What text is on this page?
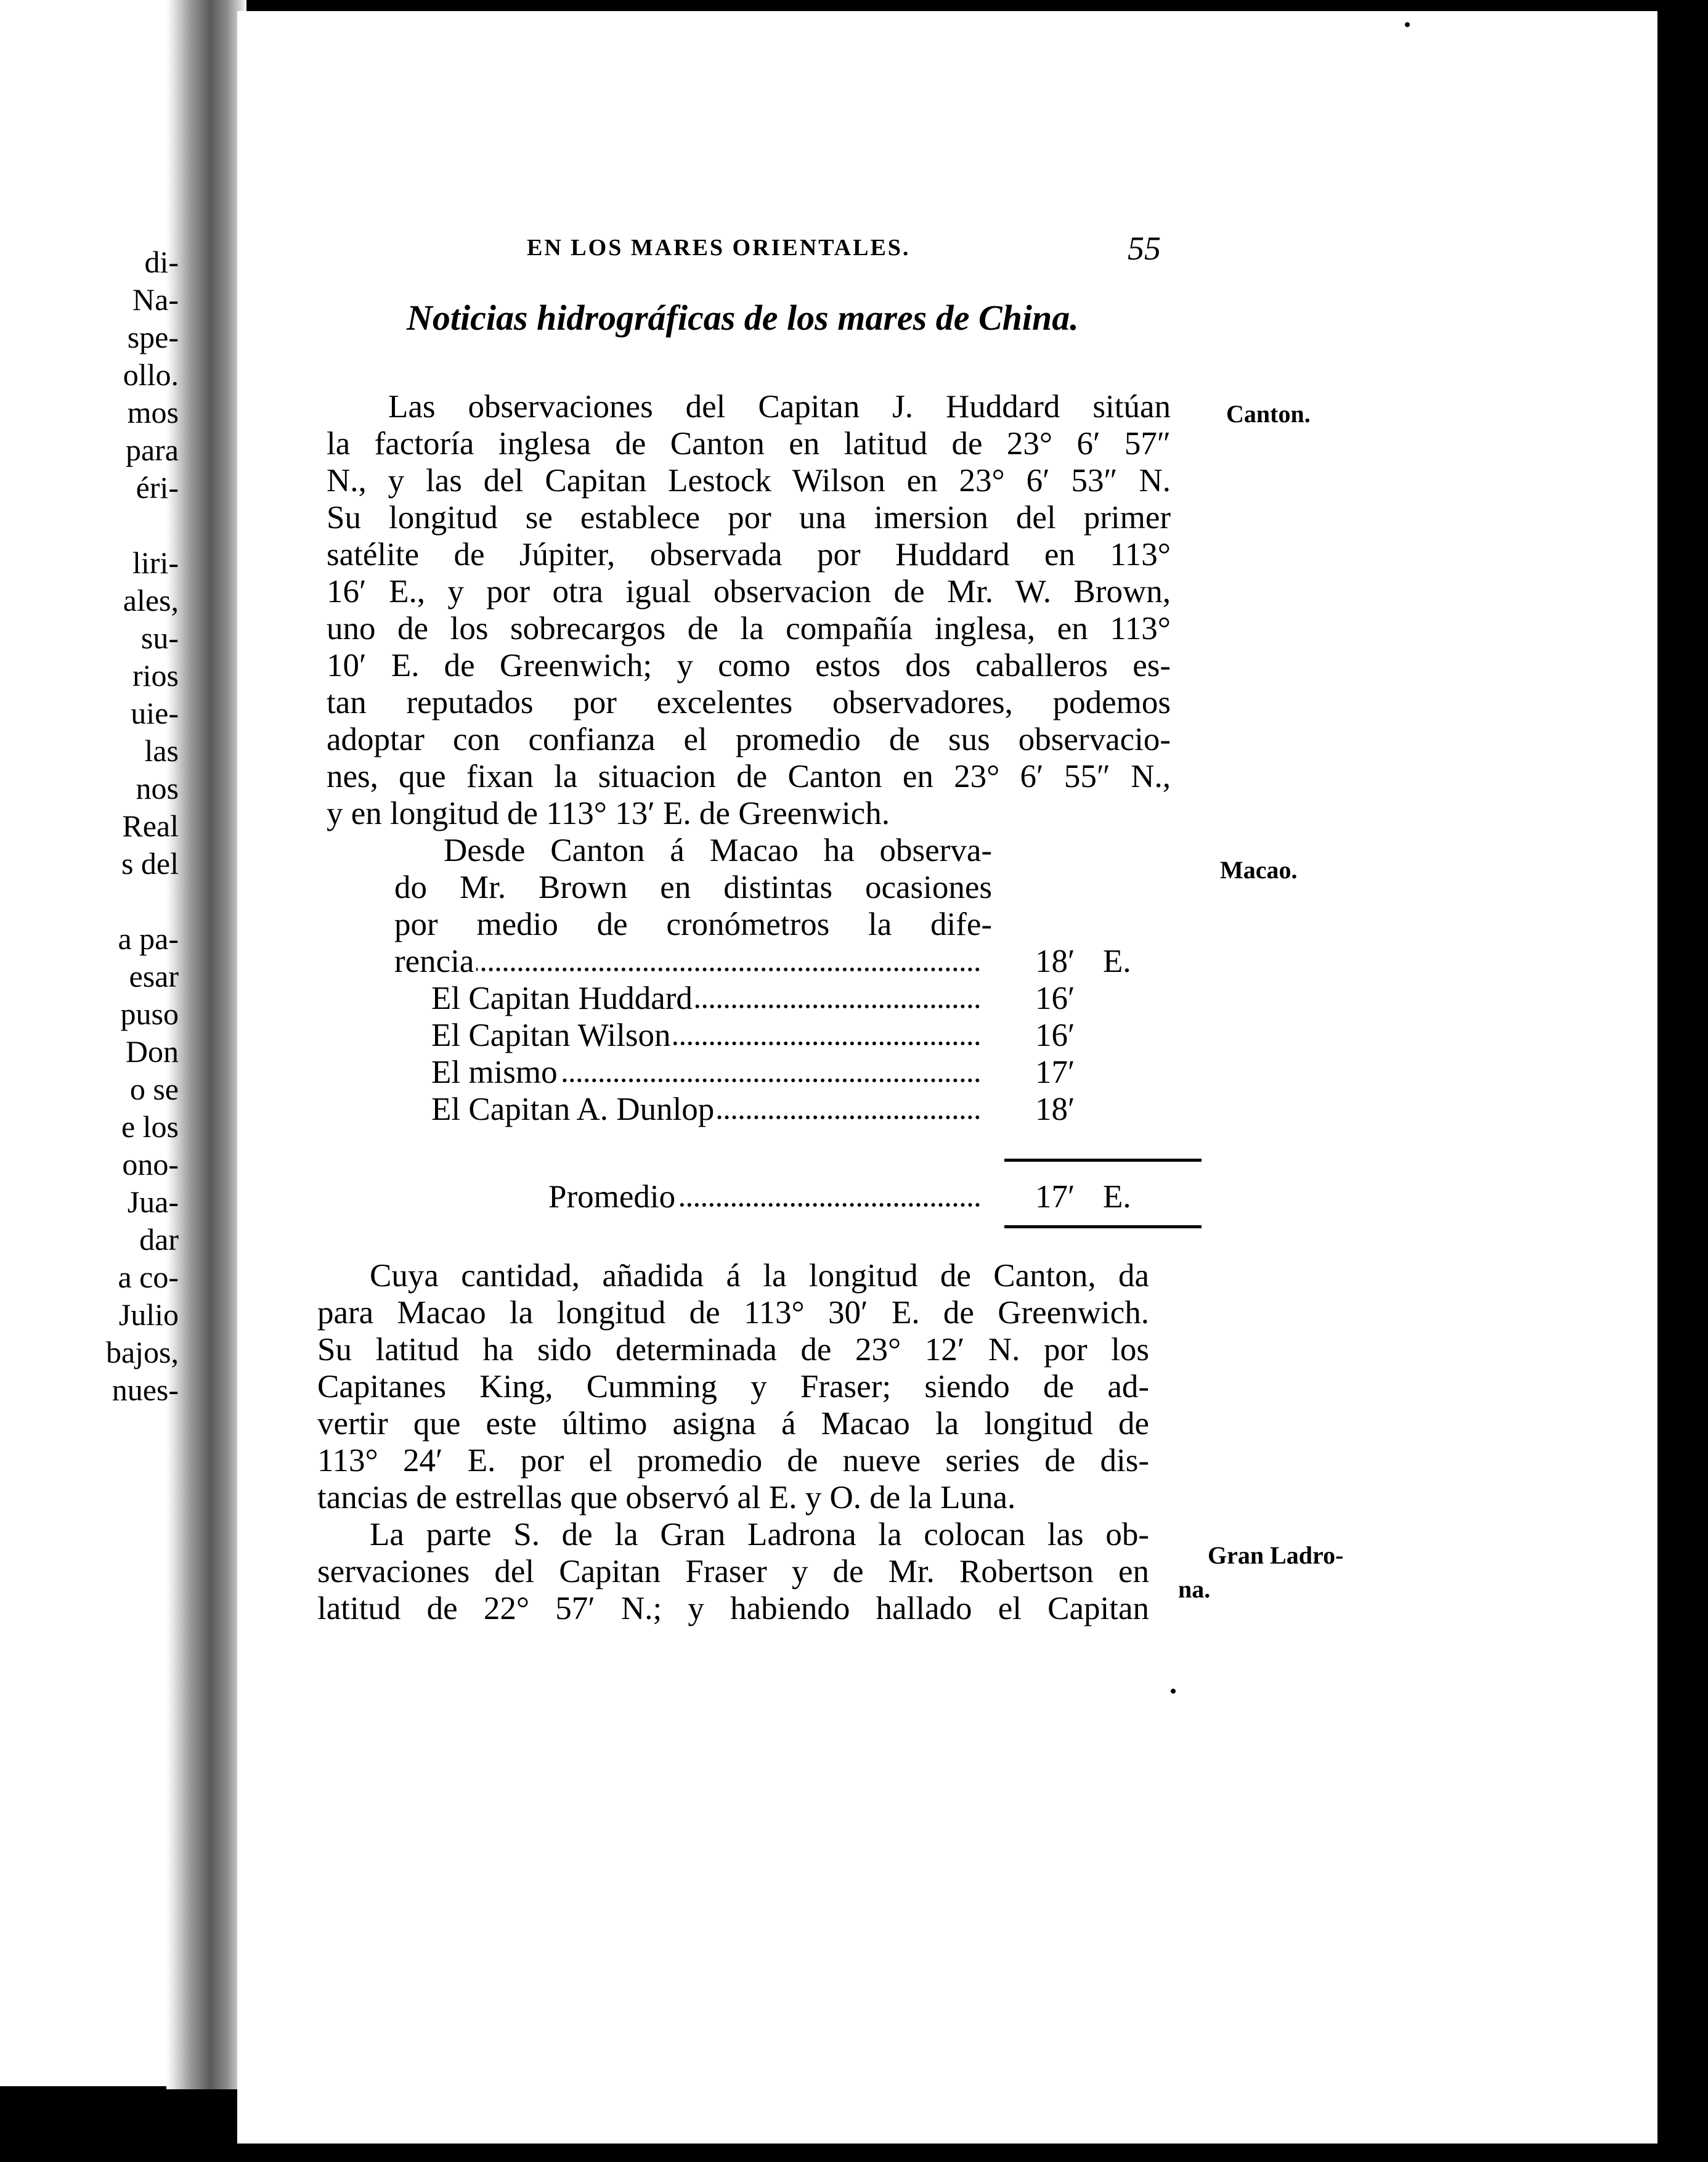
di-
Na-
spe-
ollo.
mos
para
éri-
liri-
ales,
su-
rios
uie-
las
nos
Real
s del
a pa-
esar
puso
Don
o se
e los
ono-
Jua-
dar
a co-
Julio
bajos,
nues-
EN LOS MARES ORIENTALES.	55
Noticias hidrográficas de los mares de China.
Las observaciones del Capitan J. Huddard sitúan
la factoría inglesa de Canton en latitud de 23° 6′ 57″
N., y las del Capitan Lestock Wilson en 23° 6′ 53″ N.
Su longitud se establece por una imersion del primer
satélite de Júpiter, observada por Huddard en 113°
16′ E., y por otra igual observacion de Mr. W. Brown,
uno de los sobrecargos de la compañía inglesa, en 113°
10′ E. de Greenwich; y como estos dos caballeros es-
tan reputados por excelentes observadores, podemos
adoptar con confianza el promedio de sus observacio-
nes, que fixan la situacion de Canton en 23° 6′ 55″ N.,
y en longitud de 113° 13′ E. de Greenwich.
Desde Canton á Macao ha observa-
do Mr. Brown en distintas ocasiones
por medio de cronómetros la dife-
rencia	18′ E.
El Capitan Huddard	16′
El Capitan Wilson	16′
El mismo	17′
El Capitan A. Dunlop	18′
Promedio	17′ E.
Cuya cantidad, añadida á la longitud de Canton, da
para Macao la longitud de 113° 30′ E. de Greenwich.
Su latitud ha sido determinada de 23° 12′ N. por los
Capitanes King, Cumming y Fraser; siendo de ad-
vertir que este último asigna á Macao la longitud de
113° 24′ E. por el promedio de nueve series de dis-
tancias de estrellas que observó al E. y O. de la Luna.
La parte S. de la Gran Ladrona la colocan las ob-
servaciones del Capitan Fraser y de Mr. Robertson en
latitud de 22° 57′ N.; y habiendo hallado el Capitan
Canton.
Macao.
Gran Ladro-
na.
